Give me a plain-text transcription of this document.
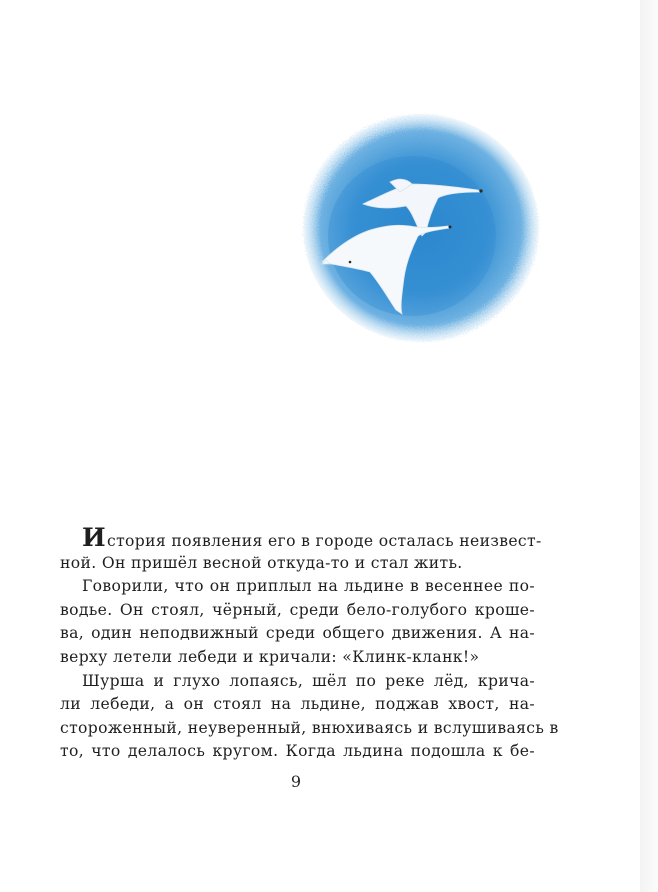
История появления его в городе осталась неизвест-
ной. Он пришёл весной откуда-то и стал жить.
Говорили, что он приплыл на льдине в весеннее по-
водье. Он стоял, чёрный, среди бело-голубого кроше-
ва, один неподвижный среди общего движения. А на-
верху летели лебеди и кричали: «Клинк-кланк!»
Шурша и глухо лопаясь, шёл по реке лёд, крича-
ли лебеди, а он стоял на льдине, поджав хвост, на-
стороженный, неуверенный, внюхиваясь и вслушиваясь в
то, что делалось кругом. Когда льдина подошла к бе-
9
